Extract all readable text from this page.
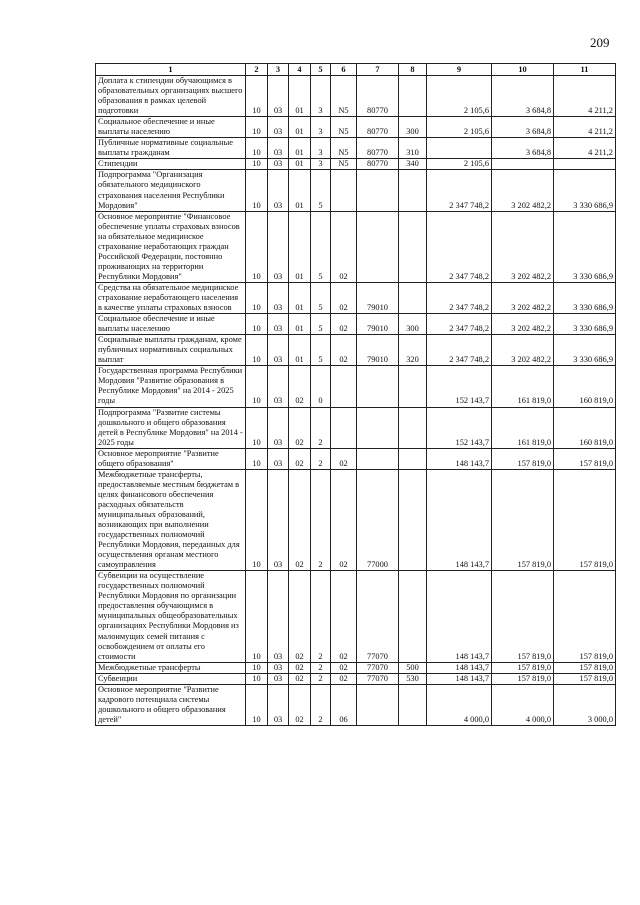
209
1	2	3	4	5	6	7	8	9	10	11
Доплата к стипендии обучающимся в образовательных организациях высшего образования в рамках целевой подготовки	10	03	01	3	N5	80770		2 105,6	3 684,8	4 211,2
Социальное обеспечение и иные выплаты населению	10	03	01	3	N5	80770	300	2 105,6	3 684,8	4 211,2
Публичные нормативные социальные выплаты гражданам	10	03	01	3	N5	80770	310		3 684,8	4 211,2
Стипендии	10	03	01	3	N5	80770	340	2 105,6		
Подпрограмма "Организация обязательного медицинского страхования населения Республики Мордовия"	10	03	01	5				2 347 748,2	3 202 482,2	3 330 686,9
Основное мероприятие "Финансовое обеспечение уплаты страховых взносов на обязательное медицинское страхование неработающих граждан Российской Федерации, постоянно проживающих на территории Республики Мордовия"	10	03	01	5	02			2 347 748,2	3 202 482,2	3 330 686,9
Средства на обязательное медицинское страхование неработающего населения в качестве уплаты страховых взносов	10	03	01	5	02	79010		2 347 748,2	3 202 482,2	3 330 686,9
Социальное обеспечение и иные выплаты населению	10	03	01	5	02	79010	300	2 347 748,2	3 202 482,2	3 330 686,9
Социальные выплаты гражданам, кроме публичных нормативных социальных выплат	10	03	01	5	02	79010	320	2 347 748,2	3 202 482,2	3 330 686,9
Государственная программа Республики Мордовия "Развитие образования в Республике Мордовия" на 2014 - 2025 годы	10	03	02	0				152 143,7	161 819,0	160 819,0
Подпрограмма "Развитие системы дошкольного и общего образования детей в Республике Мордовия" на 2014 - 2025 годы	10	03	02	2				152 143,7	161 819,0	160 819,0
Основное мероприятие "Развитие общего образования"	10	03	02	2	02			148 143,7	157 819,0	157 819,0
Межбюджетные трансферты, предоставляемые местным бюджетам в целях финансового обеспечения расходных обязательств муниципальных образований, возникающих при выполнении государственных полномочий Республики Мордовия, переданных для осуществления органам местного самоуправления	10	03	02	2	02	77000		148 143,7	157 819,0	157 819,0
Субвенции на осуществление государственных полномочий Республики Мордовия по организации предоставления обучающимся в муниципальных общеобразовательных организациях Республики Мордовия из малоимущих семей питания с освобождением от оплаты его стоимости	10	03	02	2	02	77070		148 143,7	157 819,0	157 819,0
Межбюджетные трансферты	10	03	02	2	02	77070	500	148 143,7	157 819,0	157 819,0
Субвенции	10	03	02	2	02	77070	530	148 143,7	157 819,0	157 819,0
Основное мероприятие "Развитие кадрового потенциала системы дошкольного и общего образования детей"	10	03	02	2	06			4 000,0	4 000,0	3 000,0
